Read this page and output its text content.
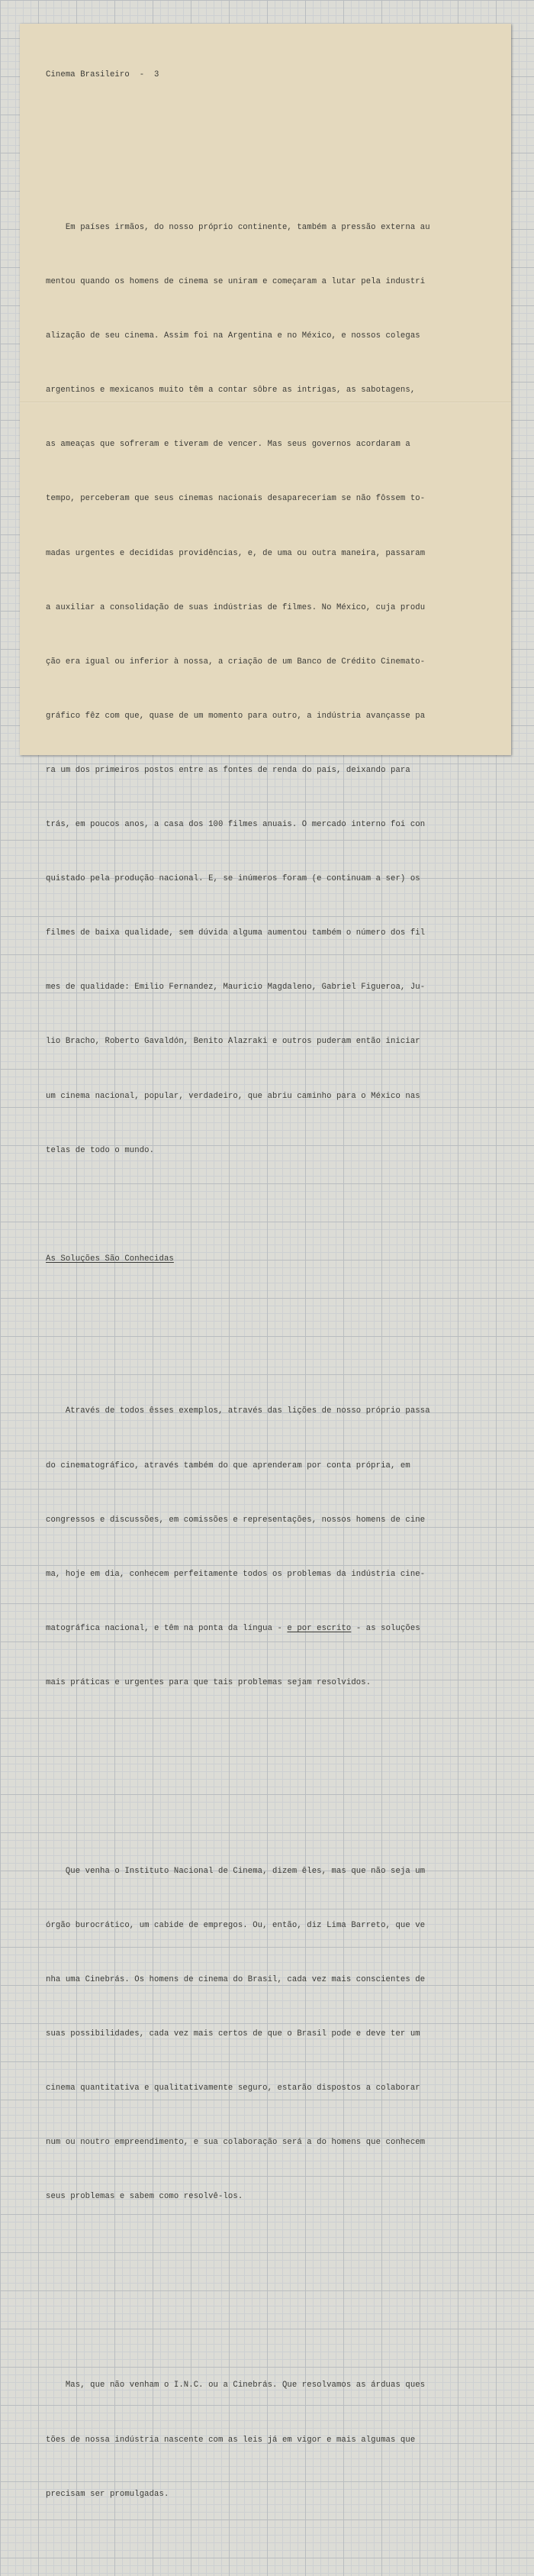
Cinema Brasileiro  -  3

Em países irmãos, do nosso próprio continente, também a pressão externa au

mentou quando os homens de cinema se uniram e começaram a lutar pela industri

alização de seu cinema. Assim foi na Argentina e no México, e nossos colegas

argentinos e mexicanos muito têm a contar sôbre as intrigas, as sabotagens,

as ameaças que sofreram e tiveram de vencer. Mas seus governos acordaram a

tempo, perceberam que seus cinemas nacionais desapareceriam se não fôssem to-

madas urgentes e decididas providências, e, de uma ou outra maneira, passaram

a auxiliar a consolidação de suas indústrias de filmes. No México, cuja produ

ção era igual ou inferior à nossa, a criação de um Banco de Crédito Cinemato-

gráfico fêz com que, quase de um momento para outro, a indústria avançasse pa

ra um dos primeiros postos entre as fontes de renda do país, deixando para

trás, em poucos anos, a casa dos 100 filmes anuais. O mercado interno foi con

quistado pela produção nacional. E, se inúmeros foram (e continuam a ser) os

filmes de baixa qualidade, sem dúvida alguma aumentou também o número dos fil

mes de qualidade: Emilio Fernandez, Mauricio Magdaleno, Gabriel Figueroa, Ju-

lio Bracho, Roberto Gavaldón, Benito Alazraki e outros puderam então iniciar

um cinema nacional, popular, verdadeiro, que abriu caminho para o México nas

telas de todo o mundo.

As Soluções São Conhecidas

Através de todos êsses exemplos, através das lições de nosso próprio passa

do cinematográfico, através também do que aprenderam por conta própria, em

congressos e discussões, em comissões e representações, nossos homens de cine

ma, hoje em dia, conhecem perfeitamente todos os problemas da indústria cine-

matográfica nacional, e têm na ponta da língua - e por escrito - as soluções

mais práticas e urgentes para que tais problemas sejam resolvidos.

Que venha o Instituto Nacional de Cinema, dizem êles, mas que não seja um

órgão burocrático, um cabide de empregos. Ou, então, diz Lima Barreto, que ve

nha uma Cinebrás. Os homens de cinema do Brasil, cada vez mais conscientes de

suas possibilidades, cada vez mais certos de que o Brasil pode e deve ter um

cinema quantitativa e qualitativamente seguro, estarão dispostos a colaborar

num ou noutro empreendimento, e sua colaboração será a do homens que conhecem

seus problemas e sabem como resolvê-los.

Mas, que não venham o I.N.C. ou a Cinebrás. Que resolvamos as árduas ques

tões de nossa indústria nascente com as leis já em vigor e mais algumas que

precisam ser promulgadas.
